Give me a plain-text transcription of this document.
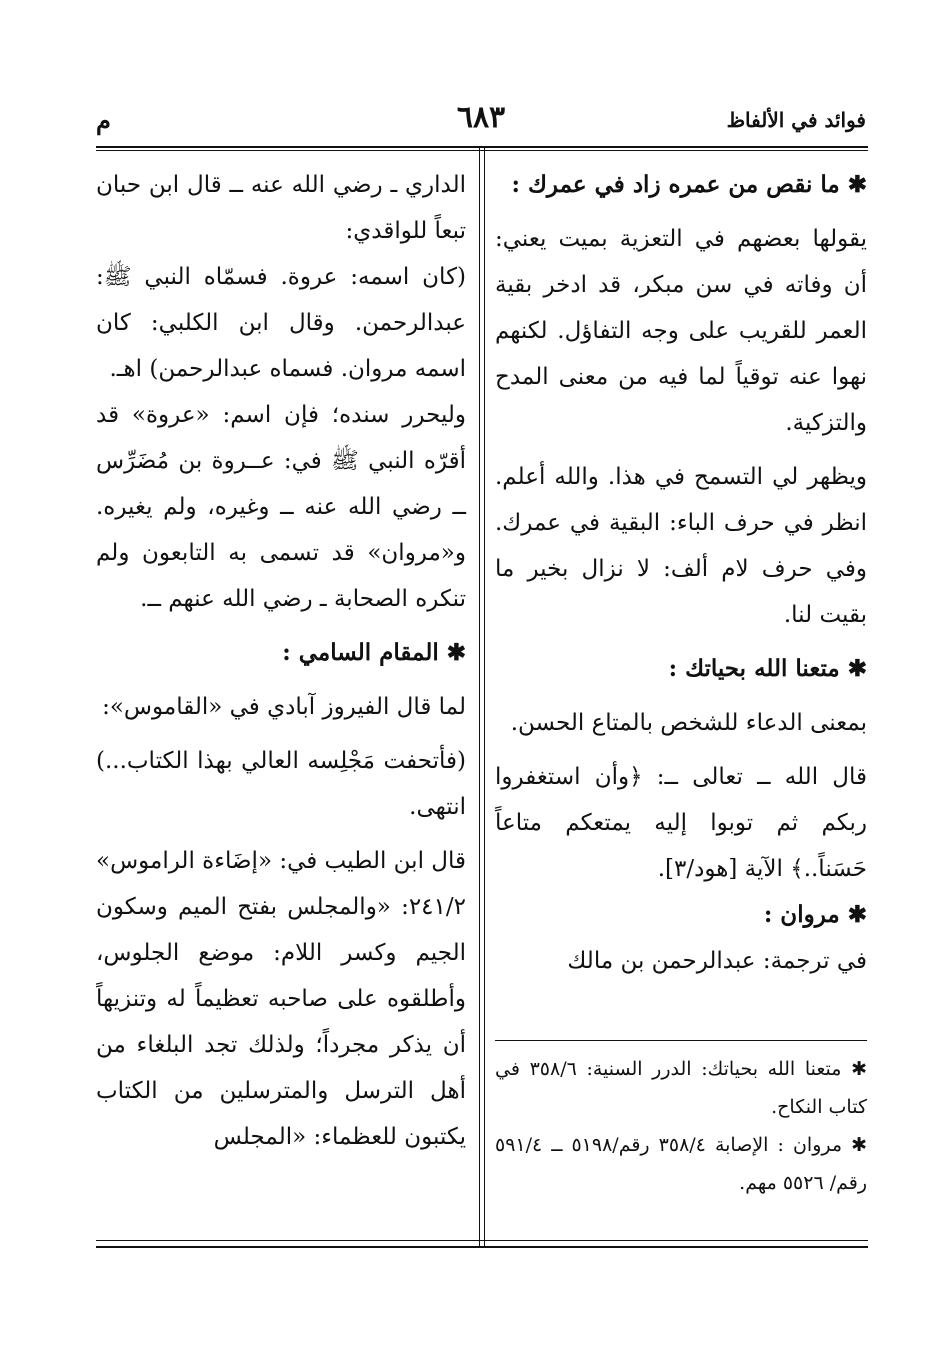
فوائد في الألفاظ
٦٨٣
م

✱ ما نقص من عمره زاد في عمرك :

يقولها بعضهم في التعزية بميت يعني: أن وفاته في سن مبكر، قد ادخر بقية العمر للقريب على وجه التفاؤل. لكنهم نهوا عنه توقياً لما فيه من معنى المدح والتزكية.

ويظهر لي التسمح في هذا. والله أعلم. انظر في حرف الباء: البقية في عمرك. وفي حرف لام ألف: لا نزال بخير ما بقيت لنا.

✱ متعنا الله بحياتك :

بمعنى الدعاء للشخص بالمتاع الحسن.

قال الله ــ تعالى ــ: ﴿وأن استغفروا ربكم ثم توبوا إليه يمتعكم متاعاً حَسَناً..﴾ الآية [هود/٣].

✱ مروان :

في ترجمة: عبدالرحمن بن مالك

✱ متعنا الله بحياتك: الدرر السنية: ٣٥٨/٦ في كتاب النكاح.

✱ مروان : الإصابة ٣٥٨/٤ رقم/٥١٩٨ ــ ٥٩١/٤ رقم/ ٥٥٢٦ مهم.

الداري ـ رضي الله عنه ــ قال ابن حبان تبعاً للواقدي:

(كان اسمه: عروة. فسمّاه النبي ﷺ: عبدالرحمن. وقال ابن الكلبي: كان اسمه مروان. فسماه عبدالرحمن) اهـ.

وليحرر سنده؛ فإن اسم: «عروة» قد أقرّه النبي ﷺ في: عــروة بن مُضَرِّس ــ رضي الله عنه ــ وغيره، ولم يغيره. و«مروان» قد تسمى به التابعون ولم تنكره الصحابة ـ رضي الله عنهم ــ.

✱ المقام السامي :

لما قال الفيروز آبادي في «القاموس»:

(فأتحفت مَجْلِسه العالي بهذا الكتاب...) انتهى.

قال ابن الطيب في: «إضَاءة الراموس» ٢٤١/٢: «والمجلس بفتح الميم وسكون الجيم وكسر اللام: موضع الجلوس، وأطلقوه على صاحبه تعظيماً له وتنزيهاً أن يذكر مجرداً؛ ولذلك تجد البلغاء من أهل الترسل والمترسلين من الكتاب يكتبون للعظماء: «المجلس
